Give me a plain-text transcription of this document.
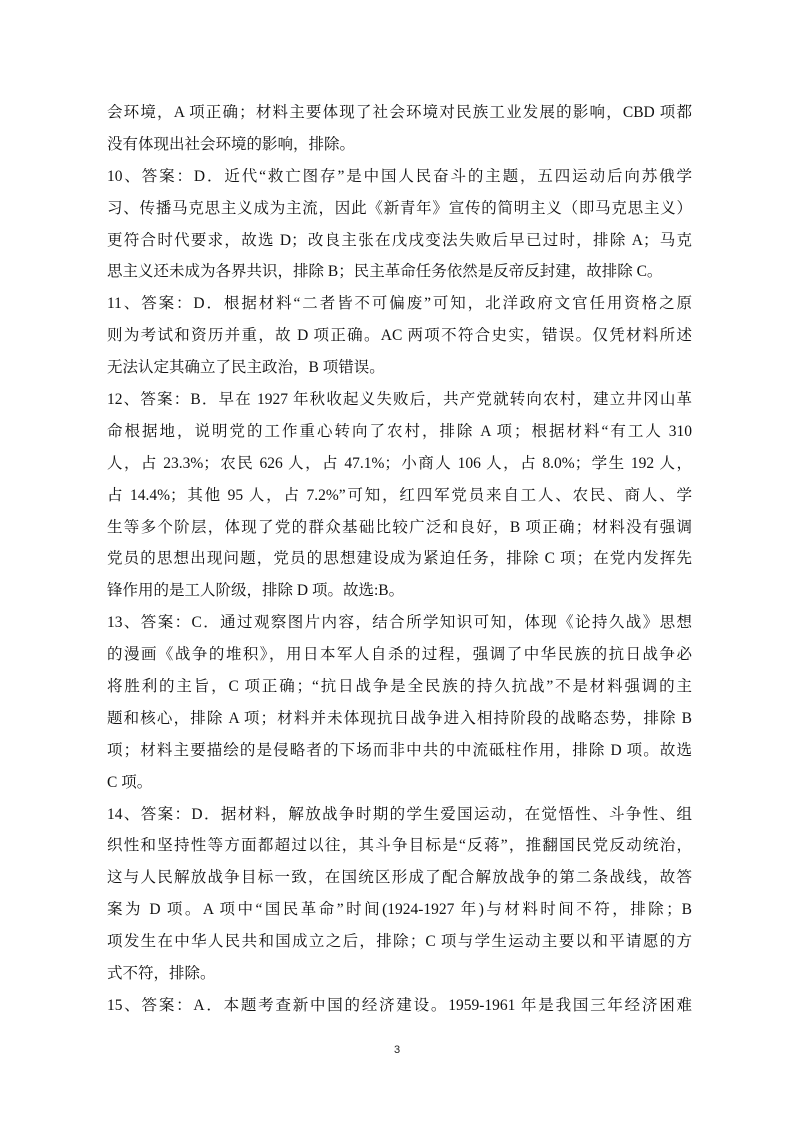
会环境，A 项正确；材料主要体现了社会环境对民族工业发展的影响，CBD 项都
没有体现出社会环境的影响，排除。
10、答案：D．近代“救亡图存”是中国人民奋斗的主题，五四运动后向苏俄学
习、传播马克思主义成为主流，因此《新青年》宣传的简明主义（即马克思主义）
更符合时代要求，故选 D；改良主张在戊戌变法失败后早已过时，排除 A；马克
思主义还未成为各界共识，排除 B；民主革命任务依然是反帝反封建，故排除 C。
11、答案：D．根据材料“二者皆不可偏废”可知，北洋政府文官任用资格之原
则为考试和资历并重，故 D 项正确。AC 两项不符合史实，错误。仅凭材料所述
无法认定其确立了民主政治，B 项错误。
12、答案：B．早在 1927 年秋收起义失败后，共产党就转向农村，建立井冈山革
命根据地，说明党的工作重心转向了农村，排除 A 项；根据材料“有工人 310
人，占 23.3%；农民 626 人，占 47.1%；小商人 106 人，占 8.0%；学生 192 人，
占 14.4%；其他 95 人，占 7.2%”可知，红四军党员来自工人、农民、商人、学
生等多个阶层，体现了党的群众基础比较广泛和良好，B 项正确；材料没有强调
党员的思想出现问题，党员的思想建设成为紧迫任务，排除 C 项；在党内发挥先
锋作用的是工人阶级，排除 D 项。故选:B。
13、答案：C．通过观察图片内容，结合所学知识可知，体现《论持久战》思想
的漫画《战争的堆积》，用日本军人自杀的过程，强调了中华民族的抗日战争必
将胜利的主旨，C 项正确；“抗日战争是全民族的持久抗战”不是材料强调的主
题和核心，排除 A 项；材料并未体现抗日战争进入相持阶段的战略态势，排除 B
项；材料主要描绘的是侵略者的下场而非中共的中流砥柱作用，排除 D 项。故选
C 项。
14、答案：D．据材料，解放战争时期的学生爱国运动，在觉悟性、斗争性、组
织性和坚持性等方面都超过以往，其斗争目标是“反蒋”，推翻国民党反动统治，
这与人民解放战争目标一致，在国统区形成了配合解放战争的第二条战线，故答
案为 D 项。A 项中“国民革命”时间(1924-1927 年)与材料时间不符，排除；B
项发生在中华人民共和国成立之后，排除；C 项与学生运动主要以和平请愿的方
式不符，排除。
15、答案：A．本题考查新中国的经济建设。1959-1961 年是我国三年经济困难
3
